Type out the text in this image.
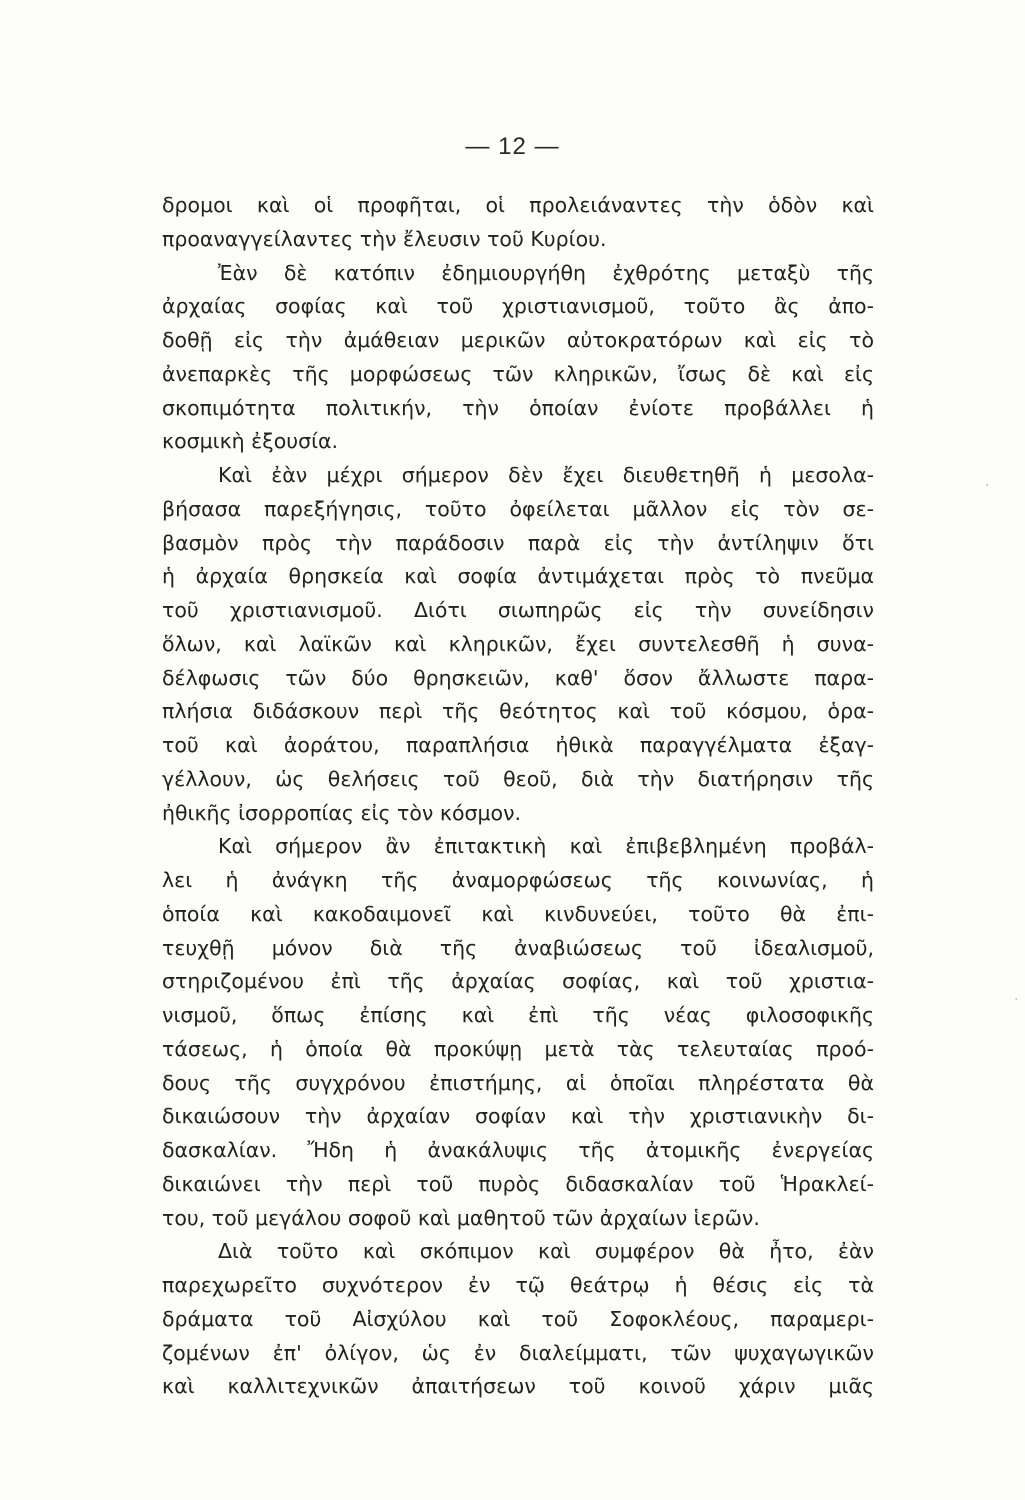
— 12 —
δρομοι καὶ οἱ προφῆται, οἱ προλειάναντες τὴν ὁδὸν καὶ
προαναγγείλαντες τὴν ἔλευσιν τοῦ Κυρίου.
Ἐὰν δὲ κατόπιν ἐδημιουργήθη ἐχθρότης μεταξὺ τῆς
ἀρχαίας σοφίας καὶ τοῦ χριστιανισμοῦ, τοῦτο ἂς ἀπο-
δοθῇ εἰς τὴν ἀμάθειαν μερικῶν αὐτοκρατόρων καὶ εἰς τὸ
ἀνεπαρκὲς τῆς μορφώσεως τῶν κληρικῶν, ἴσως δὲ καὶ εἰς
σκοπιμότητα πολιτικήν, τὴν ὁποίαν ἐνίοτε προβάλλει ἡ
κοσμικὴ ἐξουσία.
Καὶ ἐὰν μέχρι σήμερον δὲν ἔχει διευθετηθῆ ἡ μεσολα-
βήσασα παρεξήγησις, τοῦτο ὀφείλεται μᾶλλον εἰς τὸν σε-
βασμὸν πρὸς τὴν παράδοσιν παρὰ εἰς τὴν ἀντίληψιν ὅτι
ἡ ἀρχαία θρησκεία καὶ σοφία ἀντιμάχεται πρὸς τὸ πνεῦμα
τοῦ χριστιανισμοῦ. Διότι σιωπηρῶς εἰς τὴν συνείδησιν
ὅλων, καὶ λαϊκῶν καὶ κληρικῶν, ἔχει συντελεσθῆ ἡ συνα-
δέλφωσις τῶν δύο θρησκειῶν, καθ' ὅσον ἄλλωστε παρα-
πλήσια διδάσκουν περὶ τῆς θεότητος καὶ τοῦ κόσμου, ὁρα-
τοῦ καὶ ἀοράτου, παραπλήσια ἠθικὰ παραγγέλματα ἐξαγ-
γέλλουν, ὡς θελήσεις τοῦ θεοῦ, διὰ τὴν διατήρησιν τῆς
ἠθικῆς ἰσορροπίας εἰς τὸν κόσμον.
Καὶ σήμερον ἂν ἐπιτακτικὴ καὶ ἐπιβεβλημένη προβάλ-
λει ἡ ἀνάγκη τῆς ἀναμορφώσεως τῆς κοινωνίας, ἡ
ὁποία καὶ κακοδαιμονεῖ καὶ κινδυνεύει, τοῦτο θὰ ἐπι-
τευχθῇ μόνον διὰ τῆς ἀναβιώσεως τοῦ ἰδεαλισμοῦ,
στηριζομένου ἐπὶ τῆς ἀρχαίας σοφίας, καὶ τοῦ χριστια-
νισμοῦ, ὅπως ἐπίσης καὶ ἐπὶ τῆς νέας φιλοσοφικῆς
τάσεως, ἡ ὁποία θὰ προκύψῃ μετὰ τὰς τελευταίας προό-
δους τῆς συγχρόνου ἐπιστήμης, αἱ ὁποῖαι πληρέστατα θὰ
δικαιώσουν τὴν ἀρχαίαν σοφίαν καὶ τὴν χριστιανικὴν δι-
δασκαλίαν. Ἤδη ἡ ἀνακάλυψις τῆς ἀτομικῆς ἐνεργείας
δικαιώνει τὴν περὶ τοῦ πυρὸς διδασκαλίαν τοῦ Ἡρακλεί-
του, τοῦ μεγάλου σοφοῦ καὶ μαθητοῦ τῶν ἀρχαίων ἱερῶν.
Διὰ τοῦτο καὶ σκόπιμον καὶ συμφέρον θὰ ἦτο, ἐὰν
παρεχωρεῖτο συχνότερον ἐν τῷ θεάτρῳ ἡ θέσις εἰς τὰ
δράματα τοῦ Αἰσχύλου καὶ τοῦ Σοφοκλέους, παραμερι-
ζομένων ἐπ' ὀλίγον, ὡς ἐν διαλείμματι, τῶν ψυχαγωγικῶν
καὶ καλλιτεχνικῶν ἀπαιτήσεων τοῦ κοινοῦ χάριν μιᾶς
·
·
